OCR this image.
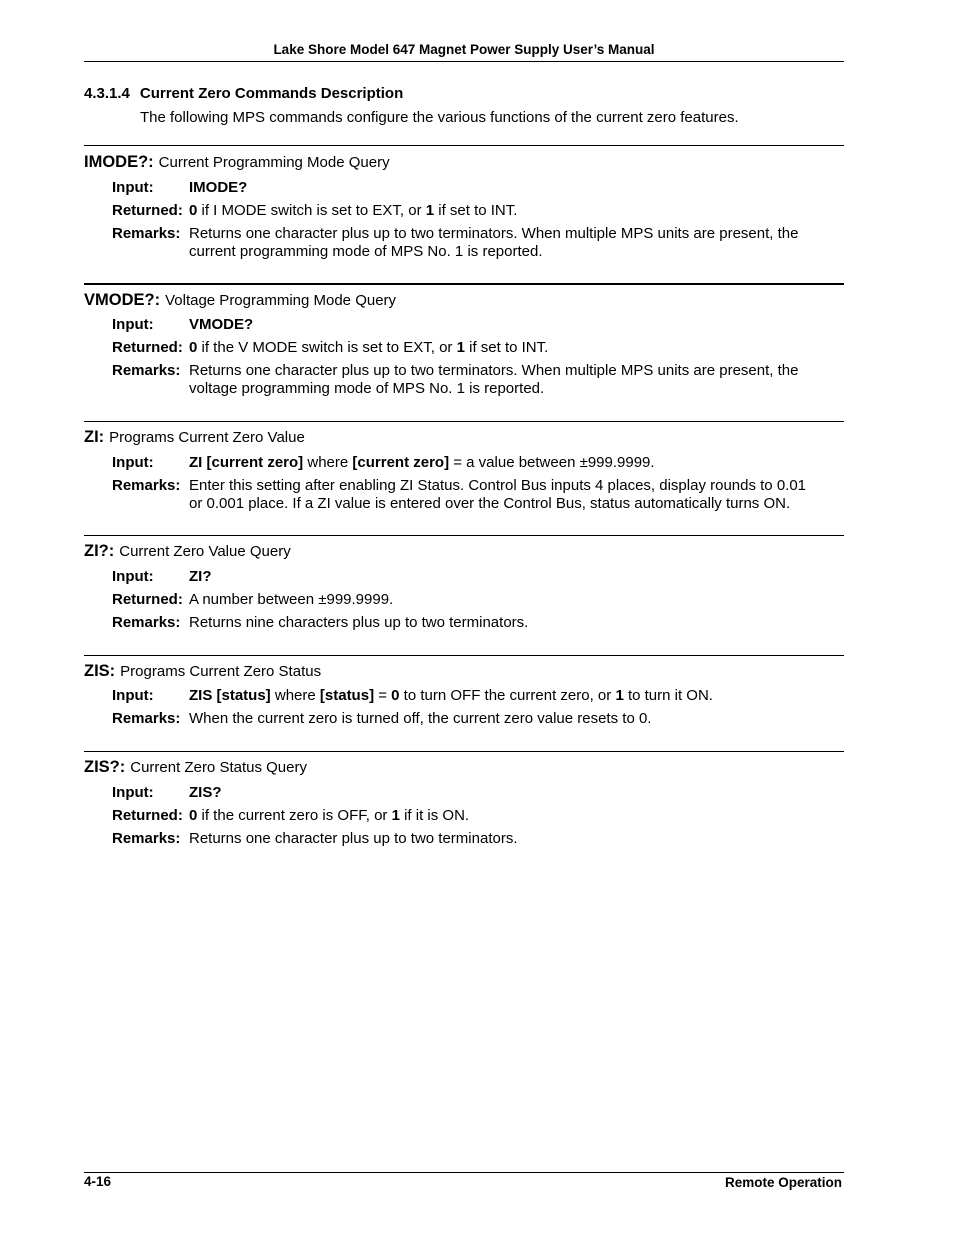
Lake Shore Model 647 Magnet Power Supply User’s Manual
4.3.1.4 Current Zero Commands Description
The following MPS commands configure the various functions of the current zero features.
IMODE?: Current Programming Mode Query
Input:	IMODE?
Returned: 0 if I MODE switch is set to EXT, or 1 if set to INT.
Remarks: Returns one character plus up to two terminators. When multiple MPS units are present, the
current programming mode of MPS No. 1 is reported.
VMODE?: Voltage Programming Mode Query
Input:	VMODE?
Returned: 0 if the V MODE switch is set to EXT, or 1 if set to INT.
Remarks: Returns one character plus up to two terminators. When multiple MPS units are present, the
voltage programming mode of MPS No. 1 is reported.
ZI: Programs Current Zero Value
Input:	ZI [current zero] where [current zero] = a value between ±999.9999.
Remarks: Enter this setting after enabling ZI Status. Control Bus inputs 4 places, display rounds to 0.01
or 0.001 place. If a ZI value is entered over the Control Bus, status automatically turns ON.
ZI?: Current Zero Value Query
Input:	ZI?
Returned: A number between ±999.9999.
Remarks: Returns nine characters plus up to two terminators.
ZIS: Programs Current Zero Status
Input:	ZIS [status] where [status] = 0 to turn OFF the current zero, or 1 to turn it ON.
Remarks: When the current zero is turned off, the current zero value resets to 0.
ZIS?: Current Zero Status Query
Input:	ZIS?
Returned: 0 if the current zero is OFF, or 1 if it is ON.
Remarks: Returns one character plus up to two terminators.
4-16	Remote Operation
